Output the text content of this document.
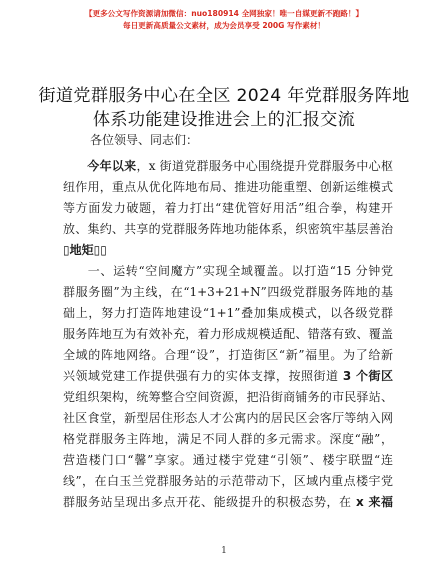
【更多公文写作资源请加微信：nuo180914 全网独家！唯一自媒更新不跑路！】
每日更新高质量公文素材，成为会员享受 200G 写作素材！
街道党群服务中心在全区 2024 年党群服务阵地
体系功能建设推进会上的汇报交流
各位领导、同志们：
今年以来，x 街道党群服务中心围绕提升党群服务中心枢
纽作用，重点从优化阵地布局、推进功能重塑、创新运维模式
等方面发力破题，着力打出“建优管好用活”组合拳，构建开
放、集约、共享的党群服务阵地功能体系，织密筑牢基层善治
▯地矩▯▯
一、运转“空间魔方”实现全域覆盖。以打造“15 分钟党
群服务圈”为主线，在“1+3+21+N”四级党群服务阵地的基
础上，努力打造阵地建设“1+1”叠加集成模式，以各级党群
服务阵地互为有效补充，着力形成规模适配、错落有致、覆盖
全域的阵地网络。合理“设”，打造街区“新”福里。为了给新
兴领域党建工作提供强有力的实体支撑，按照街道 3 个街区
党组织架构，统筹整合空间资源，把沿街商铺务的市民驿站、
社区食堂，新型居住形态人才公寓内的居民区会客厅等纳入网
格党群服务主阵地，满足不同人群的多元需求。深度“融”，
营造楼门口“馨”享家。通过楼宇党建“引领”、楼宇联盟“连
线”，在白玉兰党群服务站的示范带动下，区域内重点楼宇党
群服务站呈现出多点开花、能级提升的积极态势，在 x 来福
1
